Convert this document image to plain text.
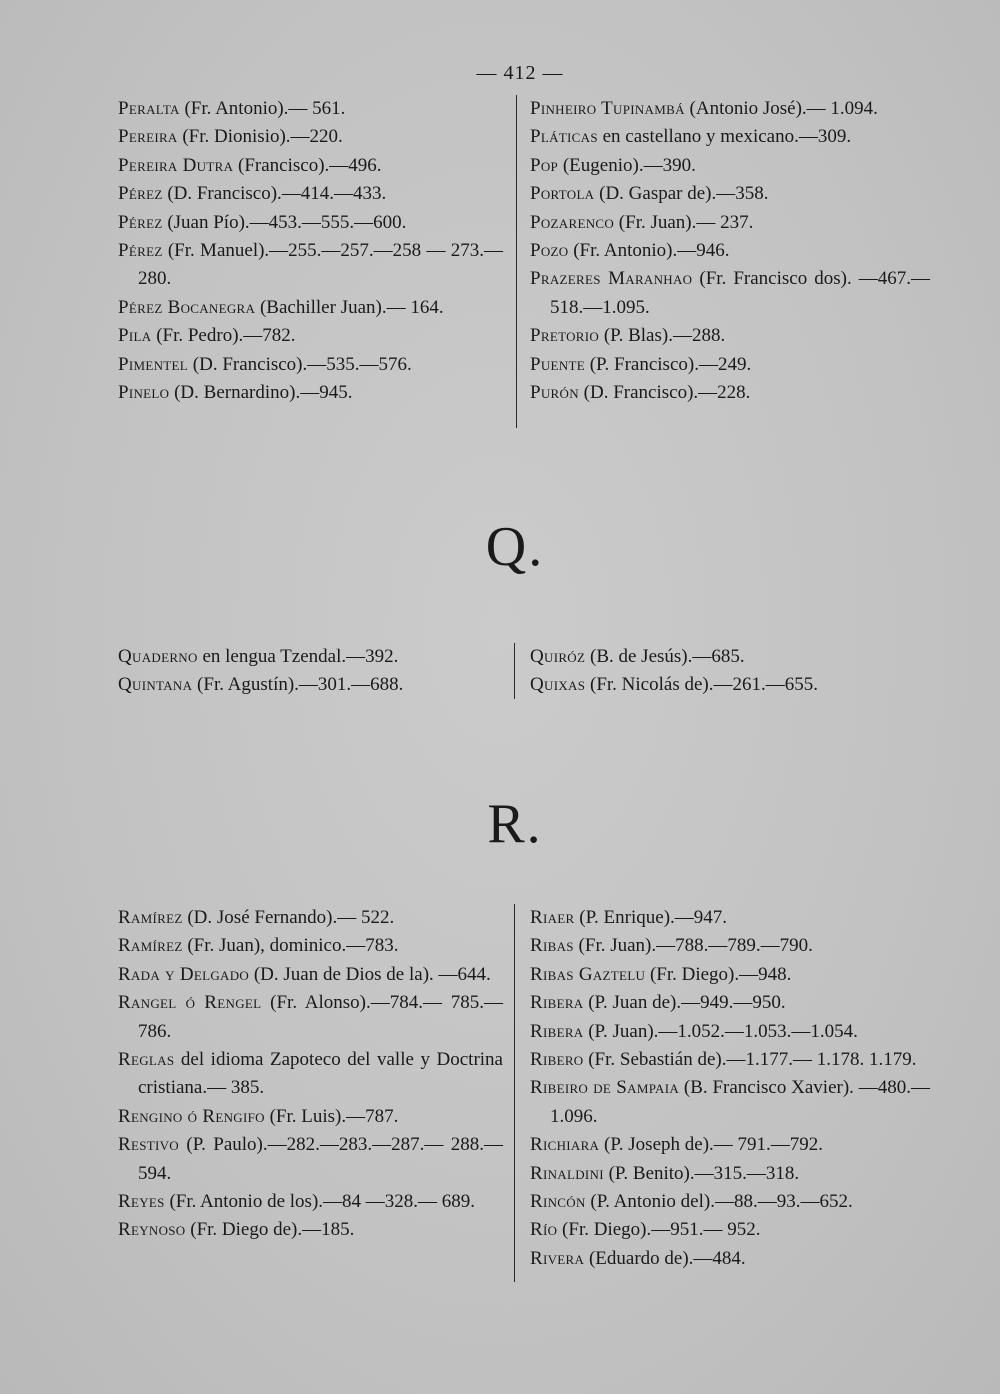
— 412 —

Peralta (Fr. Antonio).— 561.

Pereira (Fr. Dionisio).—220.

Pereira Dutra (Francisco).—496.

Pérez (D. Francisco).—414.—433.

Pérez (Juan Pío).—453.—555.—600.

Pérez (Fr. Manuel).—255.—257.—258 — 273.—280.

Pérez Bocanegra (Bachiller Juan).— 164.

Pila (Fr. Pedro).—782.

Pimentel (D. Francisco).—535.—576.

Pinelo (D. Bernardino).—945.

Pinheiro Tupinambá (Antonio José).— 1.094.

Pláticas en castellano y mexicano.—309.

Pop (Eugenio).—390.

Portola (D. Gaspar de).—358.

Pozarenco (Fr. Juan).— 237.

Pozo (Fr. Antonio).—946.

Prazeres Maranhao (Fr. Francisco dos). —467.—518.—1.095.

Pretorio (P. Blas).—288.

Puente (P. Francisco).—249.

Purón (D. Francisco).—228.

Q.

Quaderno en lengua Tzendal.—392.

Quintana (Fr. Agustín).—301.—688.

Quiróz (B. de Jesús).—685.

Quixas (Fr. Nicolás de).—261.—655.

R.

Ramírez (D. José Fernando).— 522.

Ramírez (Fr. Juan), dominico.—783.

Rada y Delgado (D. Juan de Dios de la). —644.

Rangel ó Rengel (Fr. Alonso).—784.— 785.—786.

Reglas del idioma Zapoteco del valle y Doctrina cristiana.— 385.

Rengino ó Rengifo (Fr. Luis).—787.

Restivo (P. Paulo).—282.—283.—287.— 288.—594.

Reyes (Fr. Antonio de los).—84 —328.— 689.

Reynoso (Fr. Diego de).—185.

Riaer (P. Enrique).—947.

Ribas (Fr. Juan).—788.—789.—790.

Ribas Gaztelu (Fr. Diego).—948.

Ribera (P. Juan de).—949.—950.

Ribera (P. Juan).—1.052.—1.053.—1.054.

Ribero (Fr. Sebastián de).—1.177.— 1.178. 1.179.

Ribeiro de Sampaia (B. Francisco Xavier). —480.—1.096.

Richiara (P. Joseph de).— 791.—792.

Rinaldini (P. Benito).—315.—318.

Rincón (P. Antonio del).—88.—93.—652.

Río (Fr. Diego).—951.— 952.

Rivera (Eduardo de).—484.
